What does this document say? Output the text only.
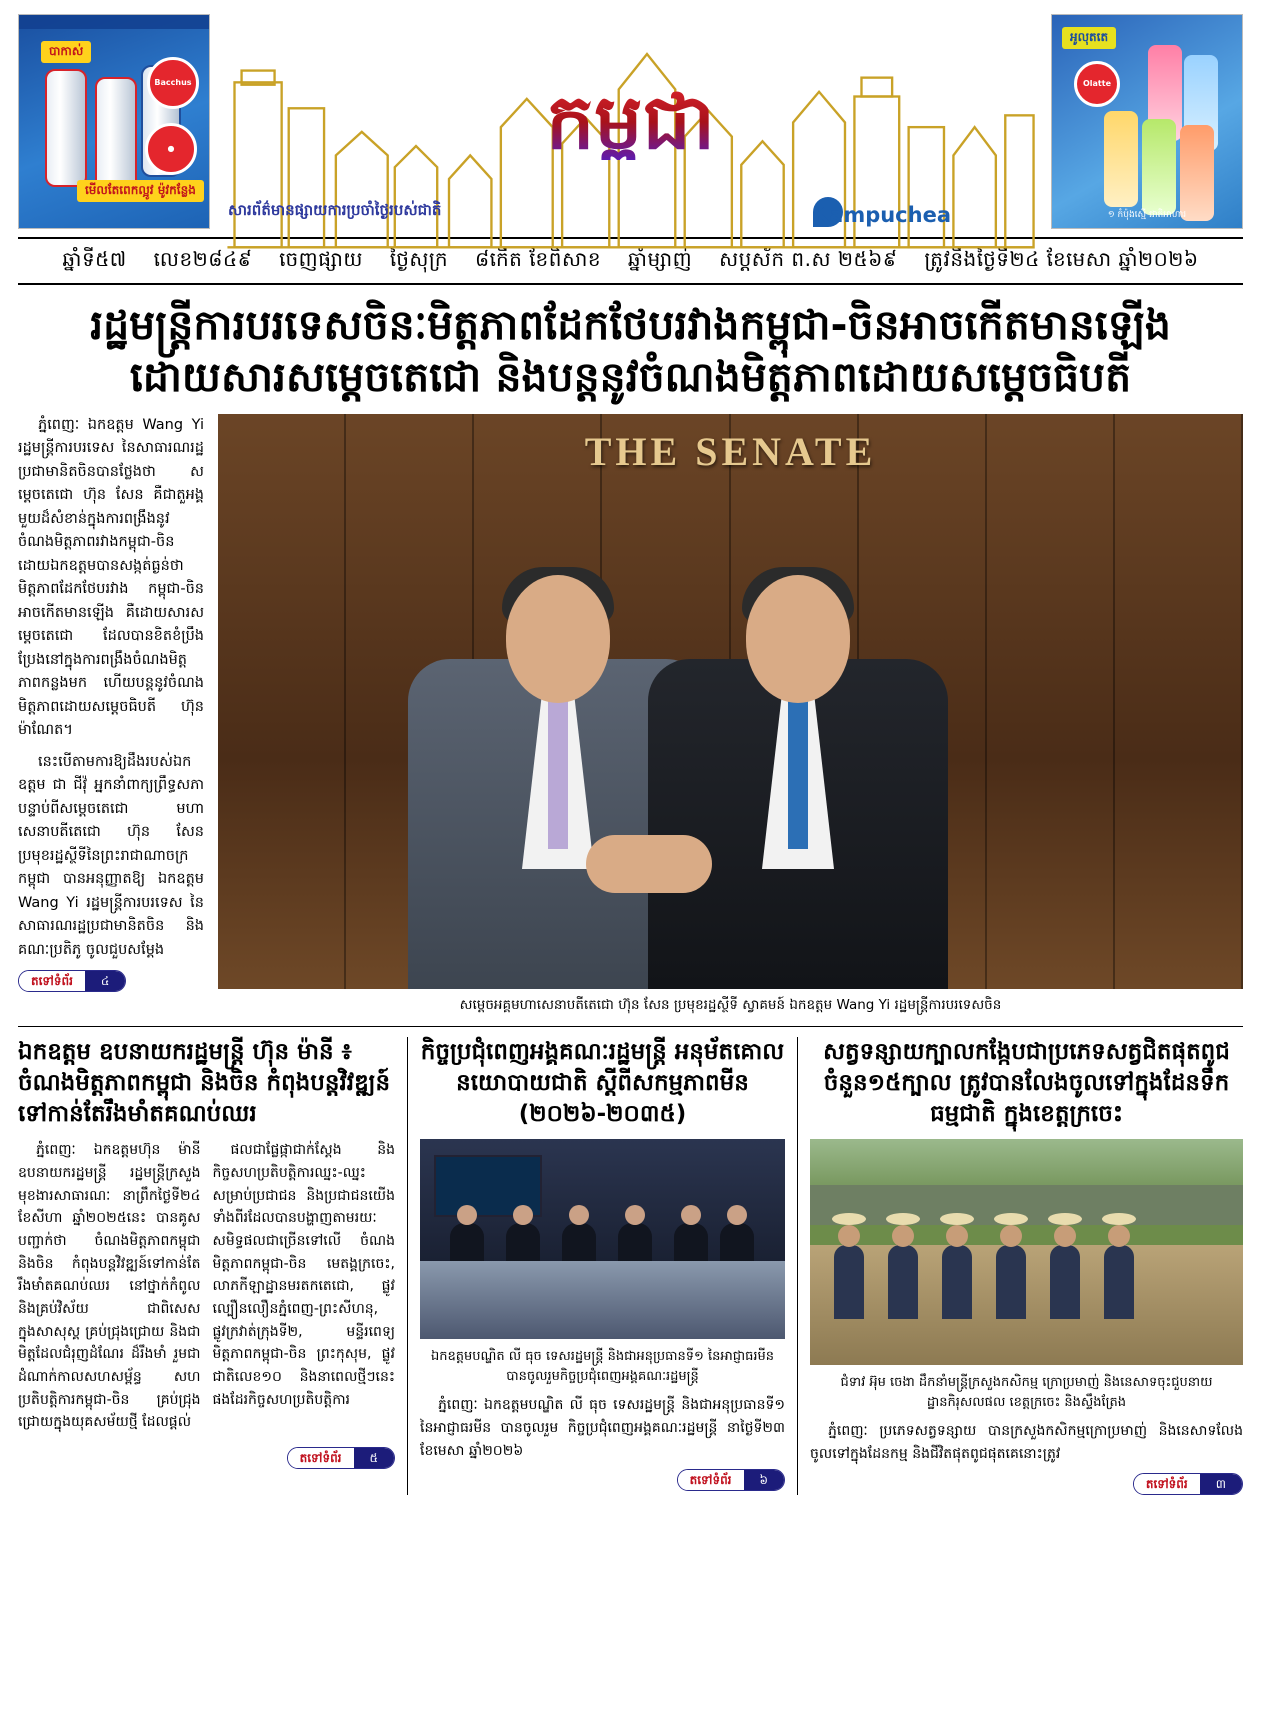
Bacchus
●
បាកាស់
មើលតែពេកល្អូវ ម៉ូវកន្លែង
កម្ពុជា
សារព័ត៌មានផ្សាយការប្រចាំថ្ងៃរបស់ជាតិ	Kampuchea
អូលុតតេ
Olatte
១ កំប៉ុងស្មើ ជាតិអាហារ
ឆ្នាំទី៥៧ លេខ២៨៤៩ ចេញផ្សាយ ថ្ងៃសុក្រ ៨កើត ខែពិសាខ ឆ្នាំម្សាញ់ សប្តស័ក ព.ស ២៥៦៩ ត្រូវនឹងថ្ងៃទី២៤ ខែមេសា ឆ្នាំ២០២៦
រដ្ឋមន្ត្រីការបរទេសចិនៈមិត្តភាពដែកថែបរវាងកម្ពុជា-ចិនអាចកើតមានឡើង
ដោយសារសម្តេចតេជោ និងបន្តនូវចំណងមិត្តភាពដោយសម្តេចធិបតី

ភ្នំពេញៈ ឯកឧត្តម Wang Yi រដ្ឋមន្ត្រីការបរទេស នៃសាធារណរដ្ឋប្រជាមានិតចិនបានថ្លែងថា សម្តេចតេជោ ហ៊ុន សែន គឺជាតួអង្គមួយដ៏សំខាន់ក្នុងការពង្រឹងនូវចំណងមិត្តភាពរវាងកម្ពុជា-ចិន ដោយឯកឧត្តមបានសង្កត់ធ្ងន់ថា មិត្តភាពដែកថែបរវាង កម្ពុជា-ចិន អាចកើតមានឡើង គឺដោយសារសម្តេចតេជោ ដែលបានខិតខំប្រឹងប្រែងនៅក្នុងការពង្រឹងចំណងមិត្តភាពកន្លងមក ហើយបន្តនូវចំណងមិត្តភាពដោយសម្តេចធិបតី ហ៊ុន ម៉ាណែត។

នេះបើតាមការឱ្យដឹងរបស់ឯកឧត្តម ជា ជីវ៉ុ អ្នកនាំពាក្យព្រឹទ្ធសភា បន្ទាប់ពីសម្តេចតេជោ មហាសេនាបតីតេជោ ហ៊ុន សែន ប្រមុខរដ្ឋស្ថីទីនៃព្រះរាជាណាចក្រកម្ពុជា បានអនុញ្ញាតឱ្យ ឯកឧត្តម Wang Yi រដ្ឋមន្ត្រីការបរទេស នៃសាធារណរដ្ឋប្រជាមានិតចិន និងគណៈប្រតិភូ ចូលជួបសម្តែង

តទៅទំព័រ	៤
THE SENATE
សម្តេចអគ្គមហាសេនាបតីតេជោ ហ៊ុន សែន ប្រមុខរដ្ឋស្ថីទី ស្វាគមន៍ ឯកឧត្តម Wang Yi រដ្ឋមន្ត្រីការបរទេសចិន
ឯកឧត្តម ឧបនាយករដ្ឋមន្ត្រី ហ៊ុន ម៉ានី ៖ ចំណងមិត្តភាពកម្ពុជា និងចិន កំពុងបន្តវិវឌ្ឍន៍ទៅកាន់តែរឹងមាំតគណប់ឈរ

ភ្នំពេញៈ ឯកឧត្តមហ៊ុន ម៉ានី ឧបនាយករដ្ឋមន្ត្រី រដ្ឋមន្ត្រីក្រសួងមុខងារសាធារណៈ នាព្រឹកថ្ងៃទី២៤ ខែសីហា ឆ្នាំ២០២៥នេះ បានគូសបញ្ជាក់ថា ចំណងមិត្តភាពកម្ពុជា និងចិន កំពុងបន្តវិវឌ្ឍន៍ទៅកាន់តែរឹងមាំតគណប់ឈរ នៅថ្នាក់កំពូល និងគ្រប់វិស័យ ជាពិសេសក្នុងសាសុស្គ គ្រប់ជ្រុងជ្រោយ និងជាមិត្តដែលជំរុញដំណែរ ដ៏រឹងមាំ រួមជាដំណាក់កាលសហសម្ព័ន្ធ សហប្រតិបត្តិការកម្ពុជា-ចិន គ្រប់ជ្រុងជ្រោយក្នុងយុគសម័យថ្មី ដែលផ្តល់

ផលជាផ្លែផ្កាជាក់ស្តែង និងកិច្ចសហប្រតិបត្តិការឈ្នះ-ឈ្នះ សម្រាប់ប្រជាជន និងប្រជាជនយើងទាំងពីរដែលបានបង្ហាញតាមរយៈសមិទ្ធផលជាច្រើនទៅលើ ចំណងមិត្តភាពកម្ពុជា-ចិន មេតង្គក្រចេះ, លាភកីឡាដ្ឋានមរតកតេជោ, ផ្លូវល្បឿនលឿនភ្នំពេញ-ព្រះសីហនុ, ផ្លូវក្រវាត់ក្រុងទី២, មន្ទីរពេទ្យមិត្តភាពកម្ពុជា-ចិន ព្រះកុសុម, ផ្លូវជាតិលេខ១០ និងនាពេលថ្មីៗនេះផងដែរកិច្ចសហប្រតិបត្តិការ

តទៅទំព័រ	៥
កិច្ចប្រជុំពេញអង្គគណៈរដ្ឋមន្ត្រី អនុម័តគោលនយោបាយជាតិ ស្តីពីសកម្មភាពមីន (២០២៦-២០៣៥)
ឯកឧត្តមបណ្ឌិត លី ធុច ទេសរដ្ឋមន្ត្រី និងជាអនុប្រធានទី១ នៃអាជ្ញាធរមីន បានចូលរួមកិច្ចប្រជុំពេញអង្គគណៈរដ្ឋមន្ត្រី

ភ្នំពេញៈ ឯកឧត្តមបណ្ឌិត លី ធុច ទេសរដ្ឋមន្ត្រី និងជាអនុប្រធានទី១ នៃអាជ្ញាធរមីន បានចូលរួម កិច្ចប្រជុំពេញអង្គគណៈរដ្ឋមន្ត្រី នាថ្ងៃទី២៣ ខែមេសា ឆ្នាំ២០២៦

តទៅទំព័រ	៦
សត្វទន្សាយក្បាលកង្កែបជាប្រភេទសត្វជិតផុតពូជចំនួន១៥ក្បាល ត្រូវបានលែងចូលទៅក្នុងដែនទឹកធម្មជាតិ ក្នុងខេត្តក្រចេះ
ជំទាវ អ៊ុម ចេងា ដឹកនាំមន្ត្រីក្រសួងកសិកម្ម ក្រោប្រមាញ់ និងនេសាទចុះជួបនាយដ្ឋានកិរុសលផល ខេត្តក្រចេះ និងស្ទឹងត្រែង

ភ្នំពេញៈ ប្រភេទសត្វទន្សាយ បានក្រសួងកសិកម្មក្រោប្រមាញ់ និងនេសាទលែងចូលទៅក្នុងដែនកម្ម និងជីវិតផុតពូជផុតគេនោះត្រូវ

តទៅទំព័រ	៣
